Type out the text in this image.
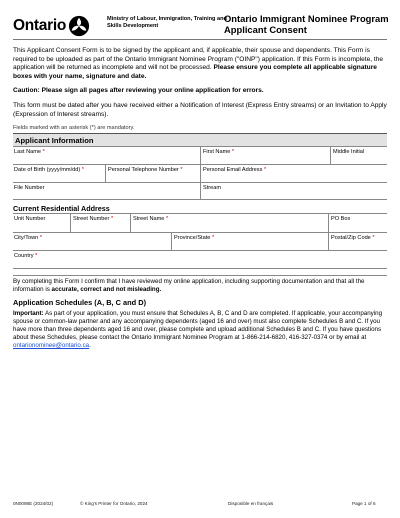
Ontario	Ministry of Labour, Immigration, Training and Skills Development
Ontario Immigrant Nominee Program
Applicant Consent
This Applicant Consent Form is to be signed by the applicant and, if applicable, their spouse and dependents. This Form is required to be uploaded as part of the Ontario Immigrant Nominee Program ("OINP") application. If this Form is incomplete, the application will be returned as incomplete and will not be processed. Please ensure you complete all applicable signature boxes with your name, signature and date.
Caution: Please sign all pages after reviewing your online application for errors.
This form must be dated after you have received either a Notification of Interest (Express Entry streams) or an Invitation to Apply (Expression of Interest streams).
Fields marked with an asterisk (*) are mandatory.
Applicant Information
Last Name *	First Name *	Middle Initial
Date of Birth (yyyy/mm/dd) *	Personal Telephone Number *	Personal Email Address *
File Number	Stream
Current Residential Address
Unit Number	Street Number *	Street Name *	PO Box
City/Town *	Province/State *	Postal/Zip Code *
Country *
By completing this Form I confirm that I have reviewed my online application, including supporting documentation and that all the information is accurate, correct and not misleading.
Application Schedules (A, B, C and D)
Important: As part of your application, you must ensure that Schedules A, B, C and D are completed. If applicable, your accompanying spouse or common-law partner and any accompanying dependents (aged 16 and over) must also complete Schedules B and C. If you have more than three dependents aged 16 and over, please complete and upload additional Schedules B and C. If you have questions about these Schedules, please contact the Ontario Immigrant Nominee Program at 1-866-214-6820, 416-327-0374 or by email at ontarionominee@ontario.ca.
0N0098E (2024/02)	© King's Printer for Ontario, 2024	Disponible en français	Page 1 of 6
